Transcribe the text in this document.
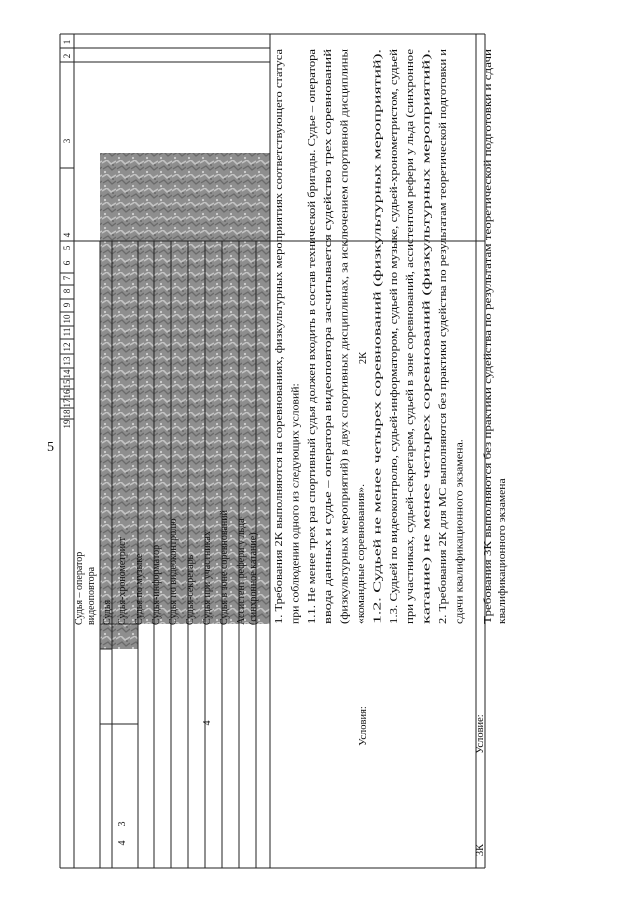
5
1
2
3
4
5
6
7
8
9
10
11
12
13
14
15
16
17
18
19
Судья – оператор видеоповтора Судья Судья-хронометрист Судья по музыке Судья-информатор Судья по видеоконтролю Судья-секретарь Судья при участниках Судья в зоне соревнований Ассистент рефери у льда (синхронное катание)
3
4
4
2К
Условия:
1. Требования 2К выполняются на соревнованиях, физкультурных мероприятиях соответствующего статуса при соблюдении одного из следующих условий: 1.1. Не менее трех раз спортивный судья должен входить в состав технической бригады. Судье – оператора ввода данных и судье – оператора видеоповтора засчитывается судейство трех соревнований (физкультурных мероприятий) в двух спортивных дисциплинах, за исключением спортивной дисциплины «командные соревнования». 1.2. Судьей не менее четырех соревнований (физкультурных мероприятий). 1.3. Судьей по видеоконтролю, судьей-информатором, судьей по музыке, судьей-хронометристом, судьей при участниках, судьей-секретарем, судьей в зоне соревнований, ассистентом рефери у льда (синхронное катание) не менее четырех соревнований (физкультурных мероприятий). 2. Требования 2К для МС выполняются без практики судейства по результатам теоретической подготовки и сдачи квалификационного экзамена.
3К
Условие:
Требования 3К выполняются без практики судейства по результатам теоретической подготовки и сдачи квалификационного экзамена
